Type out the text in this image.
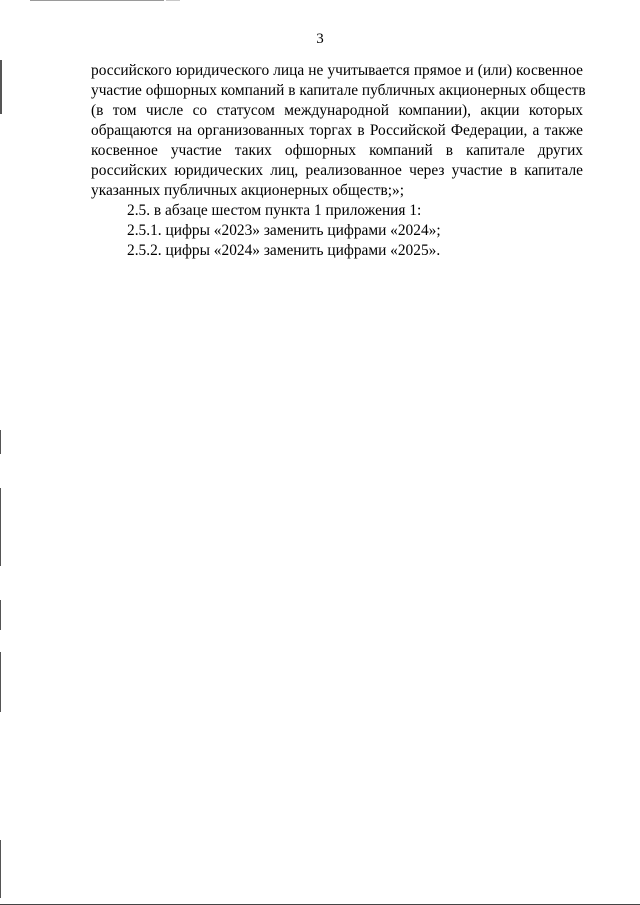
3
российского юридического лица не учитывается прямое и (или) косвенное
участие офшорных компаний в капитале публичных акционерных обществ
(в том числе со статусом международной компании), акции которых
обращаются на организованных торгах в Российской Федерации, а также
косвенное участие таких офшорных компаний в капитале других
российских юридических лиц, реализованное через участие в капитале
указанных публичных акционерных обществ;»;
2.5. в абзаце шестом пункта 1 приложения 1:
2.5.1. цифры «2023» заменить цифрами «2024»;
2.5.2. цифры «2024» заменить цифрами «2025».
